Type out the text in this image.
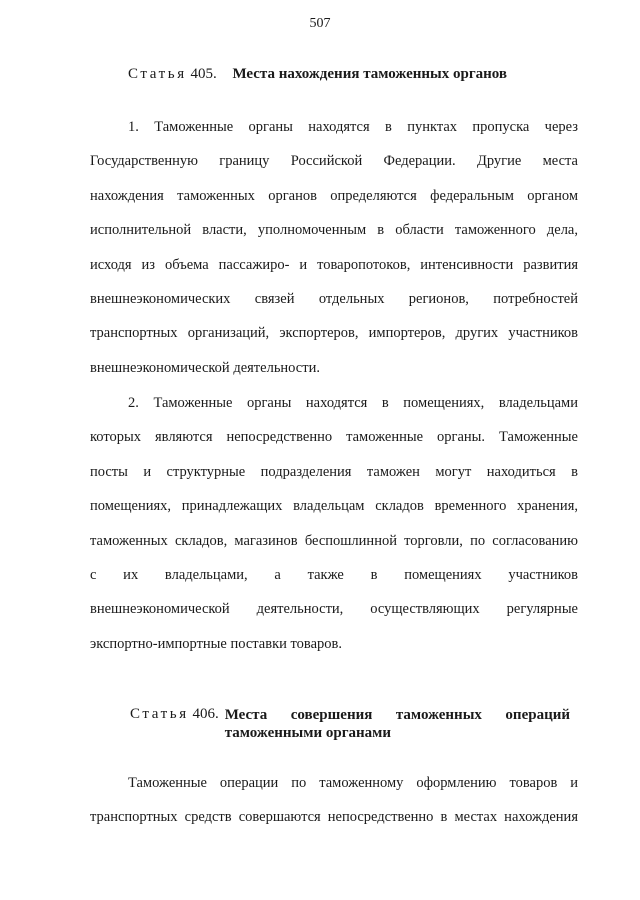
507
Статья 405. Места нахождения таможенных органов
1. Таможенные органы находятся в пунктах пропуска через
Государственную границу Российской Федерации. Другие места
нахождения таможенных органов определяются федеральным органом
исполнительной власти, уполномоченным в области таможенного дела,
исходя из объема пассажиро- и товаропотоков, интенсивности развития
внешнеэкономических связей отдельных регионов, потребностей
транспортных организаций, экспортеров, импортеров, других участников
внешнеэкономической деятельности.
2. Таможенные органы находятся в помещениях, владельцами
которых являются непосредственно таможенные органы. Таможенные
посты и структурные подразделения таможен могут находиться в
помещениях, принадлежащих владельцам складов временного хранения,
таможенных складов, магазинов беспошлинной торговли, по согласованию
с их владельцами, а также в помещениях участников
внешнеэкономической деятельности, осуществляющих регулярные
экспортно-импортные поставки товаров.
Статья 406. Места совершения таможенных операций
таможенными органами
Таможенные операции по таможенному оформлению товаров и
транспортных средств совершаются непосредственно в местах нахождения
